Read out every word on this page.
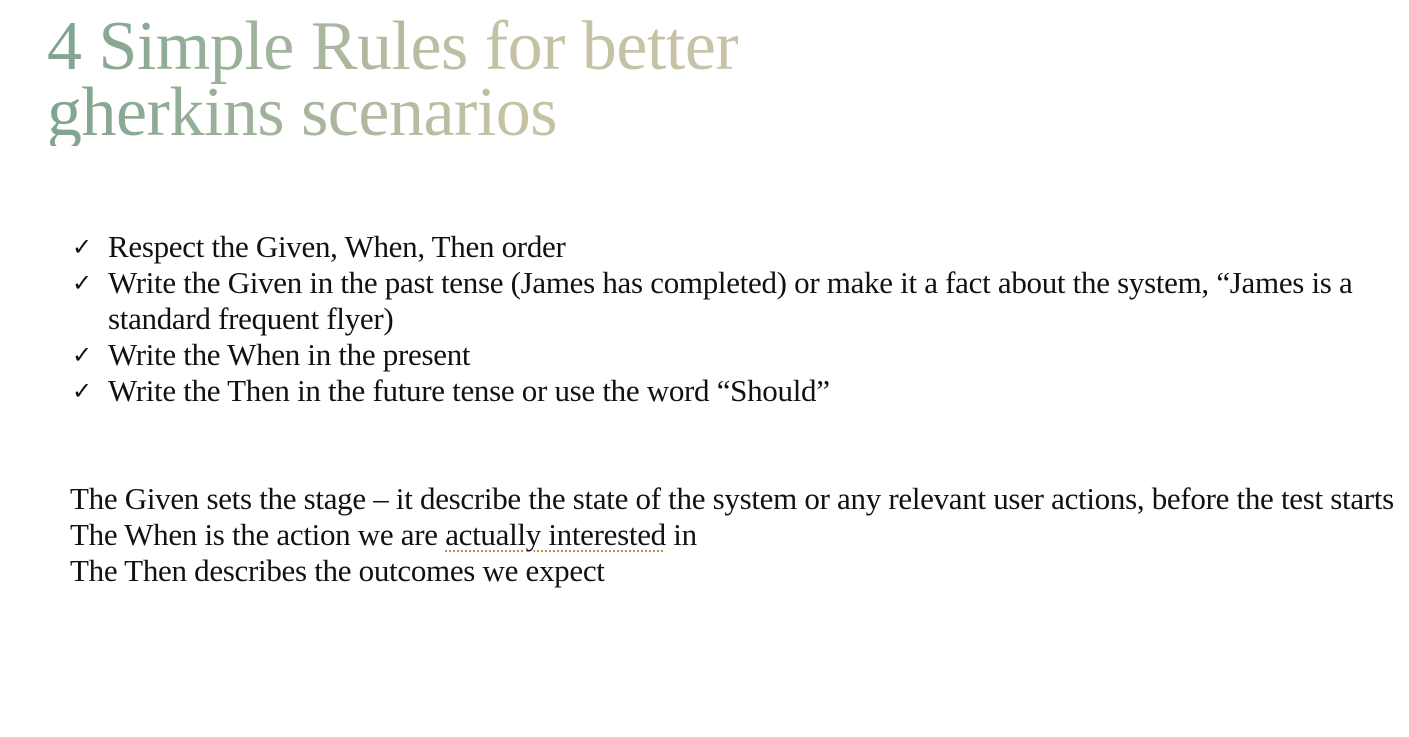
4 Simple Rules for better
gherkins scenarios
✓ Respect the Given, When, Then order
✓ Write the Given in the past tense (James has completed) or make it a fact about the system, “James is a standard frequent flyer)
✓ Write the When in the present
✓ Write the Then in the future tense or use the word “Should”

The Given sets the stage – it describe the state of the system or any relevant user actions, before the test starts

The When is the action we are actually interested in

The Then describes the outcomes we expect
